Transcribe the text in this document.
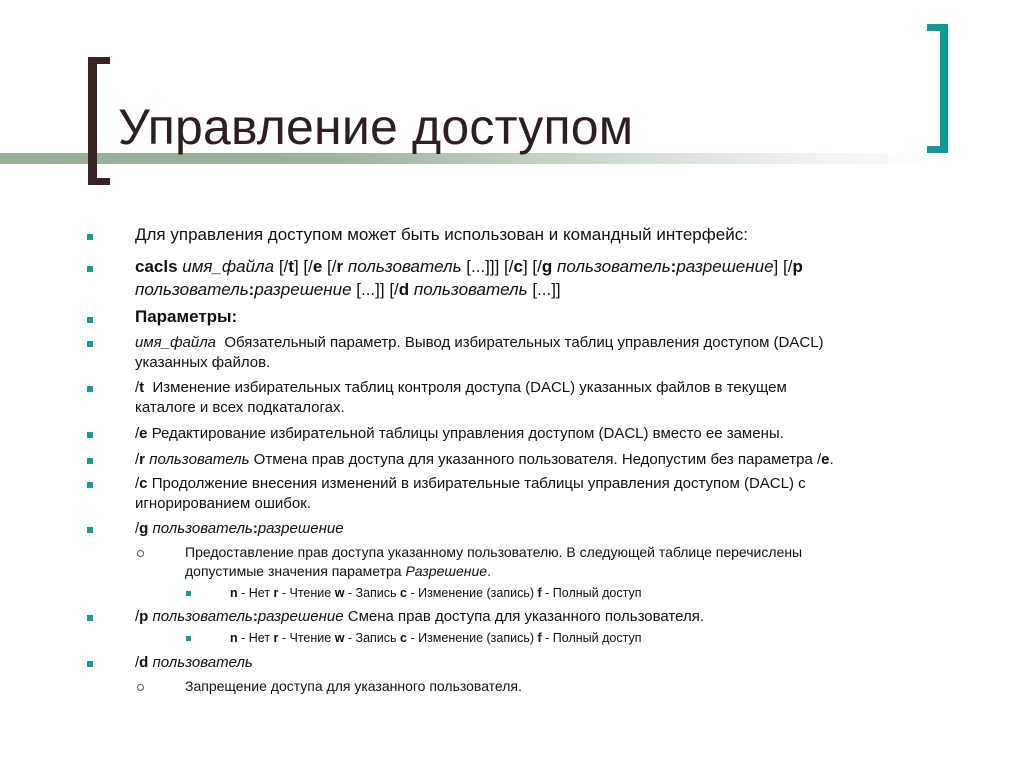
Управление доступом
Для управления доступом может быть использован и командный интерфейс:
cacls имя_файла [/t] [/e [/r пользователь [...]]] [/c] [/g пользователь:разрешение] [/p
пользователь:разрешение [...]] [/d пользователь [...]]
Параметры:
имя_файла Обязательный параметр. Вывод избирательных таблиц управления доступом (DACL)
указанных файлов.
/t Изменение избирательных таблиц контроля доступа (DACL) указанных файлов в текущем
каталоге и всех подкаталогах.
/e Редактирование избирательной таблицы управления доступом (DACL) вместо ее замены.
/r пользователь Отмена прав доступа для указанного пользователя. Недопустим без параметра /e.
/c Продолжение внесения изменений в избирательные таблицы управления доступом (DACL) с
игнорированием ошибок.
/g пользователь:разрешение
Предоставление прав доступа указанному пользователю. В следующей таблице перечислены
допустимые значения параметра Разрешение.
n - Нет r - Чтение w - Запись c - Изменение (запись) f - Полный доступ
/p пользователь:разрешение Смена прав доступа для указанного пользователя.
n - Нет r - Чтение w - Запись c - Изменение (запись) f - Полный доступ
/d пользователь
Запрещение доступа для указанного пользователя.
